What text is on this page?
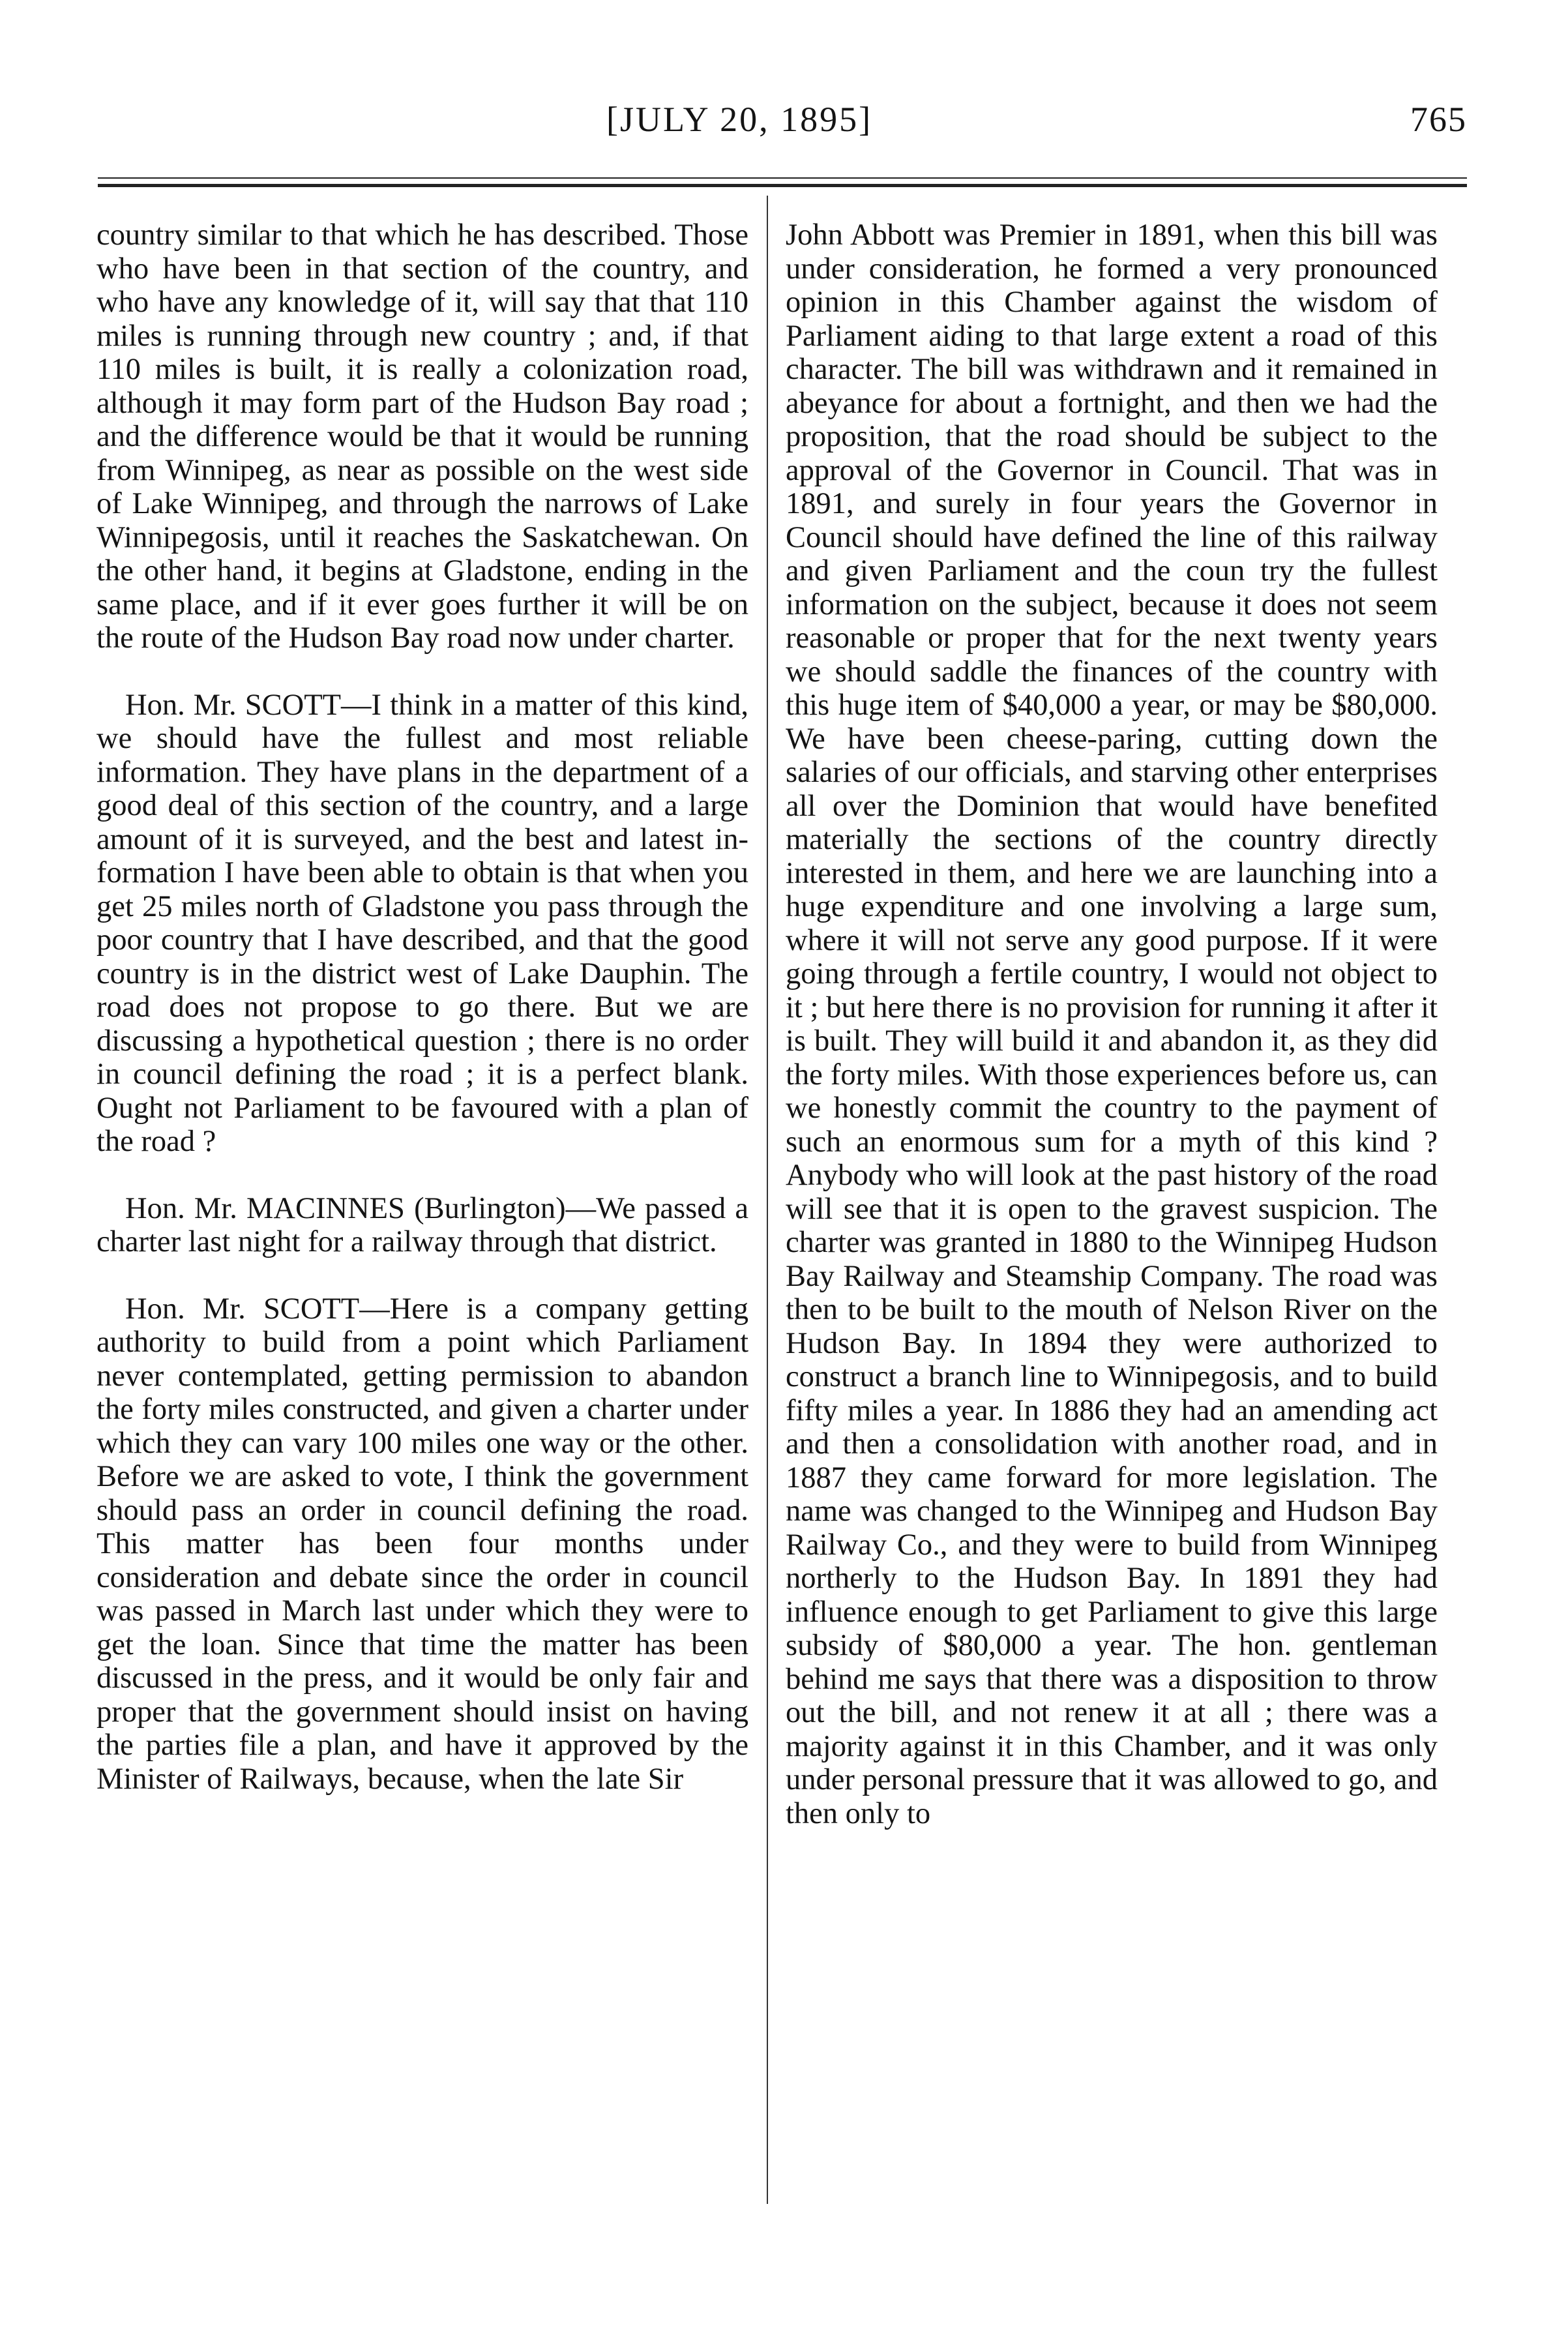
[JULY 20, 1895]	765

country similar to that which he has described. Those who have been in that section of the country, and who have any knowledge of it, will say that that 110 miles is running through new country ; and, if that 110 miles is built, it is really a colonization road, although it may form part of the Hudson Bay road ; and the difference would be that it would be running from Winnipeg, as near as possible on the west side of Lake Winnipeg, and through the narrows of Lake Winnipegosis, until it reaches the Saskatchewan. On the other hand, it begins at Gladstone, ending in the same place, and if it ever goes further it will be on the route of the Hudson Bay road now under charter.

Hon. Mr. SCOTT—I think in a matter of this kind, we should have the fullest and most reliable information. They have plans in the department of a good deal of this section of the country, and a large amount of it is surveyed, and the best and latest information I have been able to obtain is that when you get 25 miles north of Gladstone you pass through the poor country that I have described, and that the good country is in the district west of Lake Dauphin. The road does not propose to go there. But we are discussing a hypothetical question ; there is no order in council defining the road ; it is a perfect blank. Ought not Parliament to be favoured with a plan of the road ?

Hon. Mr. MACINNES (Burlington)—We passed a charter last night for a railway through that district.

Hon. Mr. SCOTT—Here is a company getting authority to build from a point which Parliament never contemplated, getting permission to abandon the forty miles constructed, and given a charter under which they can vary 100 miles one way or the other. Before we are asked to vote, I think the government should pass an order in council defining the road. This matter has been four months under consideration and debate since the order in council was passed in March last under which they were to get the loan. Since that time the matter has been discussed in the press, and it would be only fair and proper that the government should insist on having the parties file a plan, and have it approved by the Minister of Railways, because, when the late Sir

John Abbott was Premier in 1891, when this bill was under consideration, he formed a very pronounced opinion in this Chamber against the wisdom of Parliament aiding to that large extent a road of this character. The bill was withdrawn and it remained in abeyance for about a fortnight, and then we had the proposition, that the road should be subject to the approval of the Governor in Council. That was in 1891, and surely in four years the Governor in Council should have defined the line of this railway and given Parliament and the coun try the fullest information on the subject, because it does not seem reasonable or proper that for the next twenty years we should saddle the finances of the country with this huge item of $40,000 a year, or may be $80,000. We have been cheese-paring, cutting down the salaries of our officials, and starving other enterprises all over the Dominion that would have benefited materially the sections of the country directly interested in them, and here we are launching into a huge expenditure and one involving a large sum, where it will not serve any good purpose. If it were going through a fertile country, I would not object to it ; but here there is no provision for running it after it is built. They will build it and abandon it, as they did the forty miles. With those experiences before us, can we honestly commit the country to the payment of such an enormous sum for a myth of this kind ? Anybody who will look at the past history of the road will see that it is open to the gravest suspicion. The charter was granted in 1880 to the Winnipeg Hudson Bay Railway and Steamship Company. The road was then to be built to the mouth of Nelson River on the Hudson Bay. In 1894 they were authorized to construct a branch line to Winnipegosis, and to build fifty miles a year. In 1886 they had an amending act and then a consolidation with another road, and in 1887 they came forward for more legislation. The name was changed to the Winnipeg and Hudson Bay Railway Co., and they were to build from Winnipeg northerly to the Hudson Bay. In 1891 they had influence enough to get Parliament to give this large subsidy of $80,000 a year. The hon. gentleman behind me says that there was a disposition to throw out the bill, and not renew it at all ; there was a majority against it in this Chamber, and it was only under personal pressure that it was allowed to go, and then only to
